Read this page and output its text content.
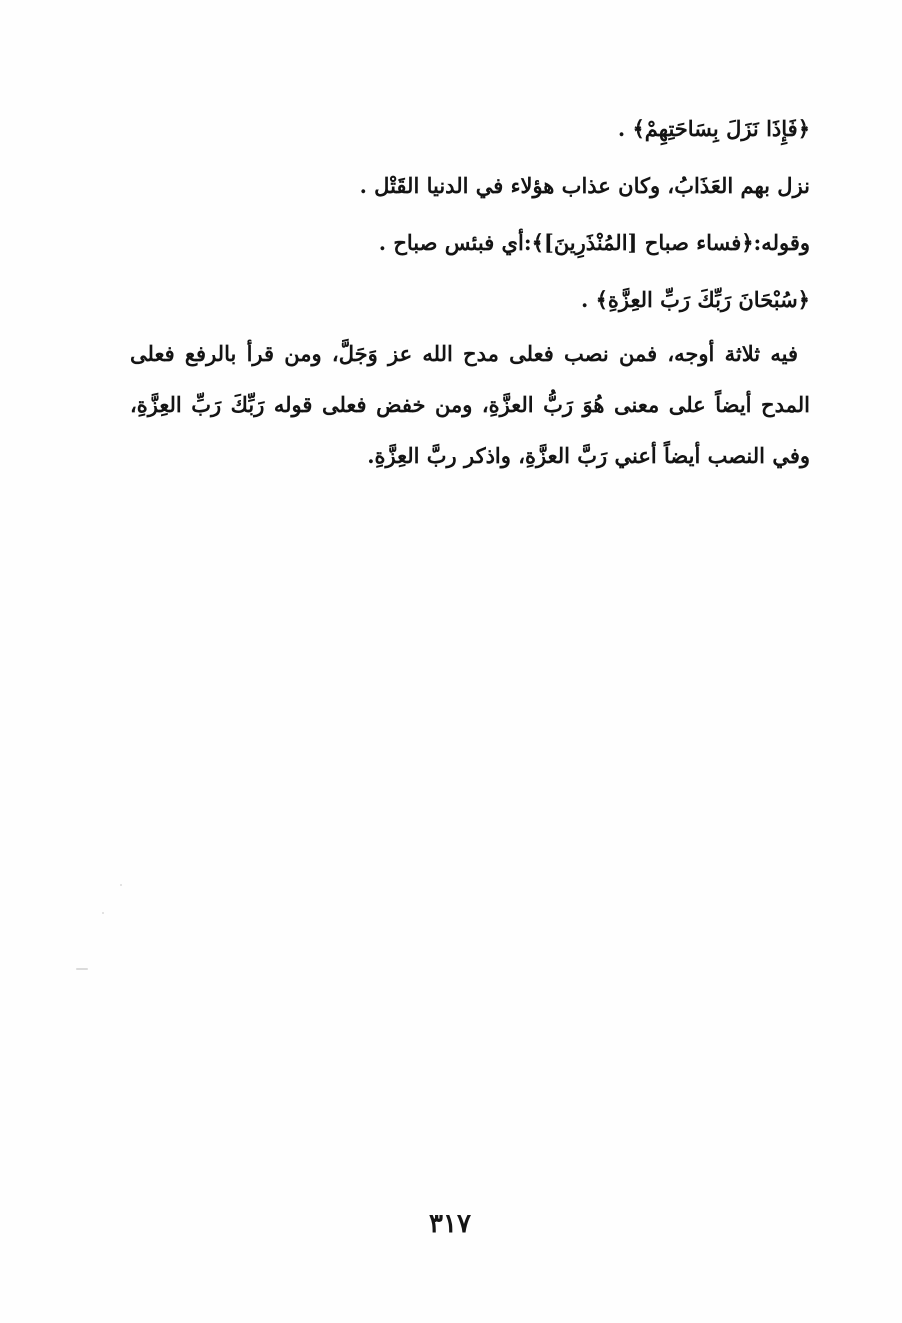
﴿فَإِذَا نَزَلَ بِسَاحَتِهِمْ﴾ .
نزل بهم العَذَابُ، وكان عذاب هؤلاء في الدنيا القَتْل .
وقوله:﴿فساء صباح [المُنْذَرِينَ]﴾:أي فبئس صباح .
﴿سُبْحَانَ رَبِّكَ رَبِّ العِزَّةِ﴾ .

فيه ثلاثة أوجه، فمن نصب فعلى مدح الله عز وَجَلَّ، ومن قرأ بالرفع فعلى المدح أيضاً على معنى هُوَ رَبُّ العزَّةِ، ومن خفض فعلى قوله رَبِّكَ رَبِّ العِزَّةِ، وفي النصب أيضاً أعني رَبَّ العزَّةِ، واذكر ربَّ العِزَّةِ.

٣١٧
